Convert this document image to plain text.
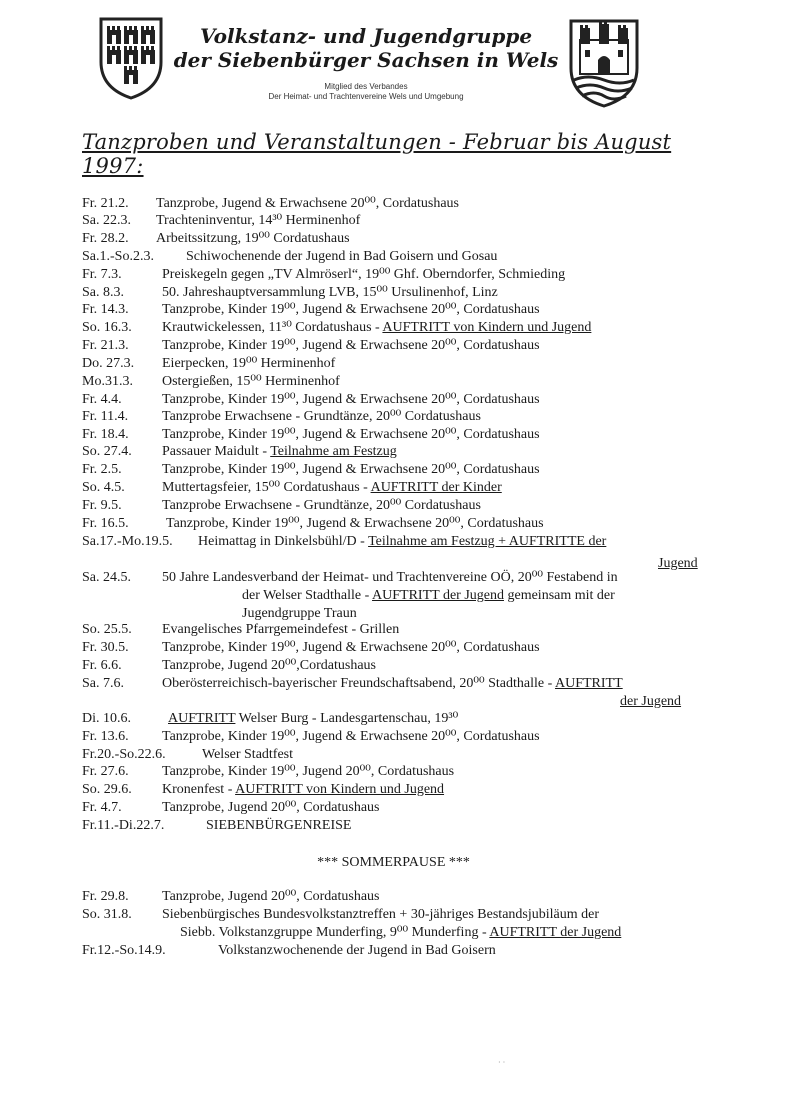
Volkstanz- und Jugendgruppe
der Siebenbürger Sachsen in Wels
Mitglied des Verbandes
Der Heimat- und Trachtenvereine Wels und Umgebung
Tanzproben und Veranstaltungen - Februar bis August 1997:
Fr. 21.2. Tanzprobe, Jugend & Erwachsene 20⁰⁰, Cordatushaus
Sa. 22.3. Trachteninventur, 14³⁰ Herminenhof
Fr. 28.2. Arbeitssitzung, 19⁰⁰ Cordatushaus
Sa.1.-So.2.3. Schiwochenende der Jugend in Bad Goisern und Gosau
Fr. 7.3.	Preiskegeln gegen „TV Almröserl“, 19⁰⁰ Ghf. Oberndorfer, Schmieding
Sa. 8.3.	50. Jahreshauptversammlung LVB, 15⁰⁰ Ursulinenhof, Linz
Fr. 14.3. Tanzprobe, Kinder 19⁰⁰, Jugend & Erwachsene 20⁰⁰, Cordatushaus
So. 16.3. Krautwickelessen, 11³⁰ Cordatushaus - AUFTRITT von Kindern und Jugend
Fr. 21.3. Tanzprobe, Kinder 19⁰⁰, Jugend & Erwachsene 20⁰⁰, Cordatushaus
Do. 27.3. Eierpecken, 19⁰⁰ Herminenhof
Mo.31.3. Ostergießen, 15⁰⁰ Herminenhof
Fr. 4.4.	Tanzprobe, Kinder 19⁰⁰, Jugend & Erwachsene 20⁰⁰, Cordatushaus
Fr. 11.4. Tanzprobe Erwachsene - Grundtänze, 20⁰⁰ Cordatushaus
Fr. 18.4. Tanzprobe, Kinder 19⁰⁰, Jugend & Erwachsene 20⁰⁰, Cordatushaus
So. 27.4. Passauer Maidult - Teilnahme am Festzug
Fr. 2.5.	Tanzprobe, Kinder 19⁰⁰, Jugend & Erwachsene 20⁰⁰, Cordatushaus
So. 4.5.	Muttertagsfeier, 15⁰⁰ Cordatushaus - AUFTRITT der Kinder
Fr. 9.5.	Tanzprobe Erwachsene - Grundtänze, 20⁰⁰ Cordatushaus
Fr. 16.5.	Tanzprobe, Kinder 19⁰⁰, Jugend & Erwachsene 20⁰⁰, Cordatushaus
Sa.17.-Mo.19.5. Heimattag in Dinkelsbühl/D - Teilnahme am Festzug + AUFTRITTE der
Jugend
Sa. 24.5. 50 Jahre Landesverband der Heimat- und Trachtenvereine OÖ, 20⁰⁰ Festabend in
der Welser Stadthalle - AUFTRITT der Jugend gemeinsam mit der
Jugendgruppe Traun
So. 25.5. Evangelisches Pfarrgemeindefest - Grillen
Fr. 30.5. Tanzprobe, Kinder 19⁰⁰, Jugend & Erwachsene 20⁰⁰, Cordatushaus
Fr. 6.6.	Tanzprobe, Jugend 20⁰⁰,Cordatushaus
Sa. 7.6.	Oberösterreichisch-bayerischer Freundschaftsabend, 20⁰⁰ Stadthalle - AUFTRITT
der Jugend
Di. 10.6.	AUFTRITT Welser Burg - Landesgartenschau, 19³⁰
Fr. 13.6. Tanzprobe, Kinder 19⁰⁰, Jugend & Erwachsene 20⁰⁰, Cordatushaus
Fr.20.-So.22.6.	Welser Stadtfest
Fr. 27.6. Tanzprobe, Kinder 19⁰⁰, Jugend 20⁰⁰, Cordatushaus
So. 29.6. Kronenfest - AUFTRITT von Kindern und Jugend
Fr. 4.7.	Tanzprobe, Jugend 20⁰⁰, Cordatushaus
Fr.11.-Di.22.7.	SIEBENBÜRGENREISE
*** SOMMERPAUSE ***
Fr. 29.8. Tanzprobe, Jugend 20⁰⁰, Cordatushaus
So. 31.8. Siebenbürgisches Bundesvolkstanztreffen + 30-jähriges Bestandsjubiläum der
Siebb. Volkstanzgruppe Munderfing, 9⁰⁰ Munderfing - AUFTRITT der Jugend
Fr.12.-So.14.9.	Volkstanzwochenende der Jugend in Bad Goisern
· ·
